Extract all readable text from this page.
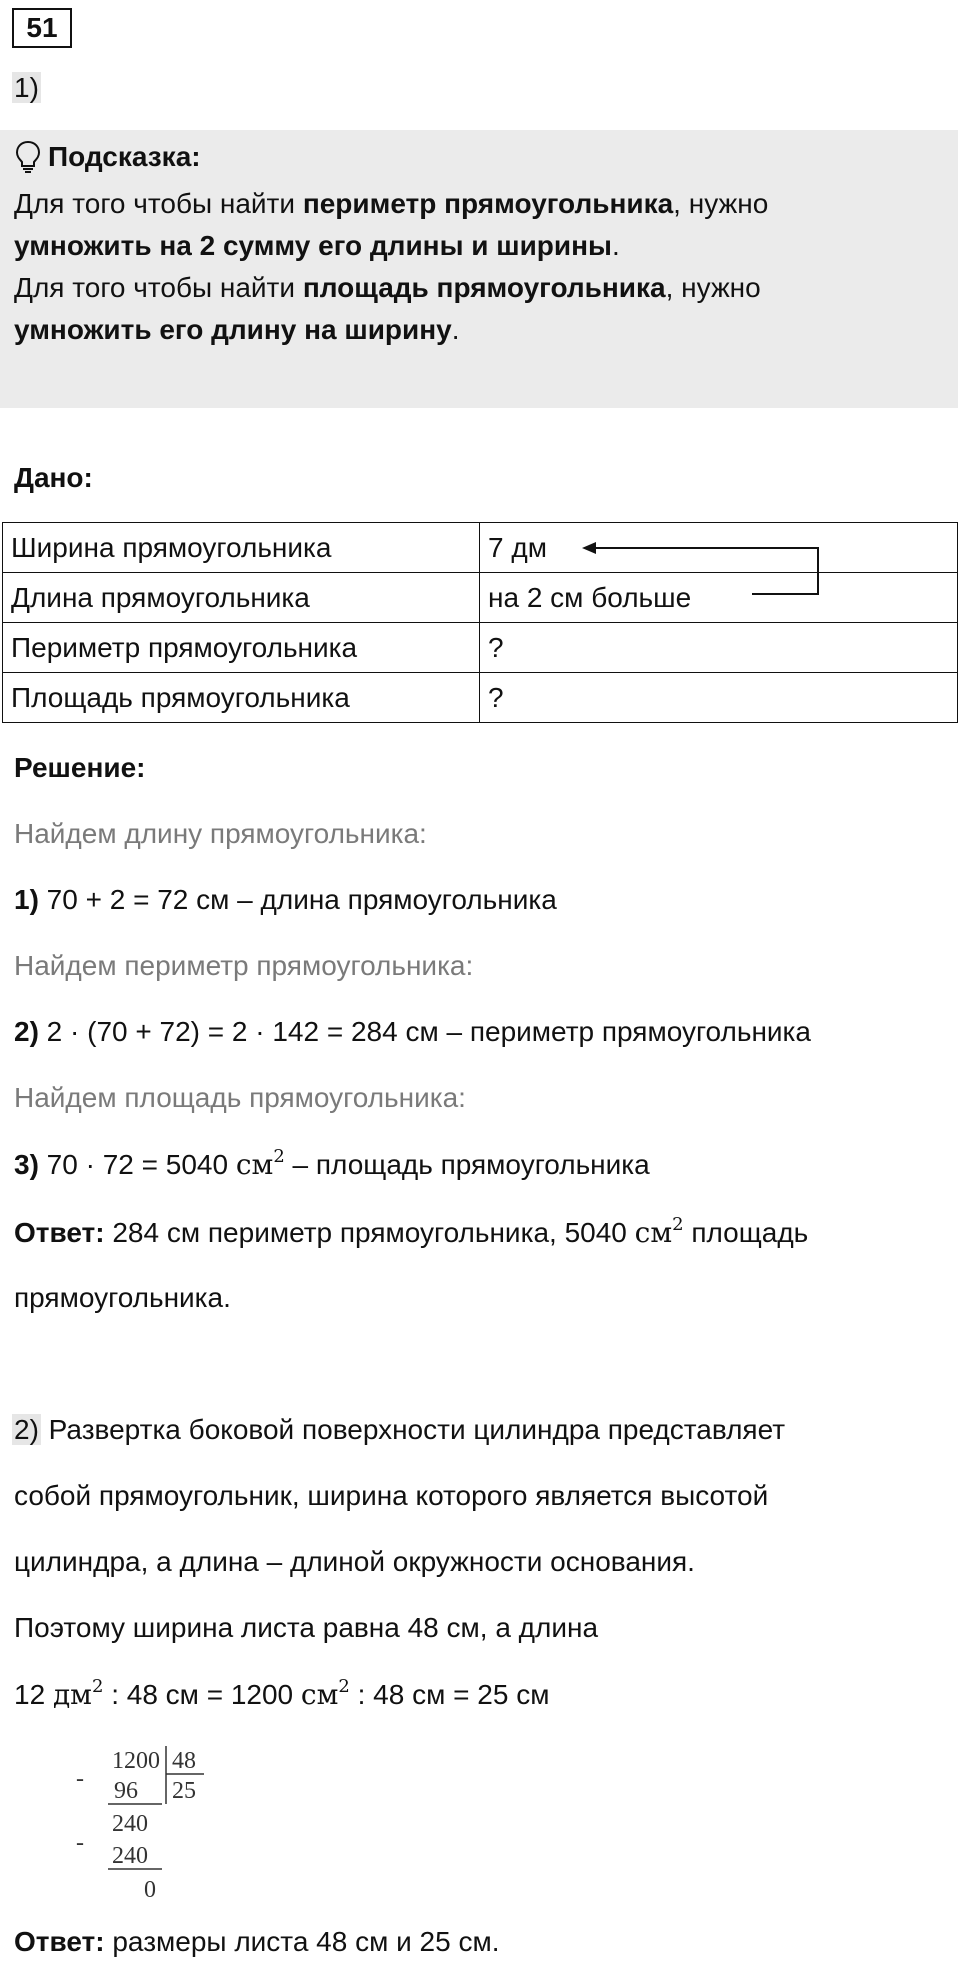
51
1)
Подсказка:
Для того чтобы найти периметр прямоугольника, нужно
умножить на 2 сумму его длины и ширины.
Для того чтобы найти площадь прямоугольника, нужно
умножить его длину на ширину.
Дано:
Ширина прямоугольника	7 дм
Длина прямоугольника	на 2 см больше
Периметр прямоугольника	?
Площадь прямоугольника	?
Решение:
Найдем длину прямоугольника:
1) 70 + 2 = 72 см – длина прямоугольника
Найдем периметр прямоугольника:
2) 2 · (70 + 72) = 2 · 142 = 284 см – периметр прямоугольника
Найдем площадь прямоугольника:
3) 70 · 72 = 5040 $см^2$ – площадь прямоугольника
Ответ: 284 см периметр прямоугольника, 5040 $см^2$ площадь
прямоугольника.
2) Развертка боковой поверхности цилиндра представляет
собой прямоугольник, ширина которого является высотой
цилиндра, а длина – длиной окружности основания.
Поэтому ширина листа равна 48 см, а длина
12 $дм^2$ : 48 см = 1200 $см^2$ : 48 см = 25 см
1200 48
- 96 25
240
- 240
0
Ответ: размеры листа 48 см и 25 см.
